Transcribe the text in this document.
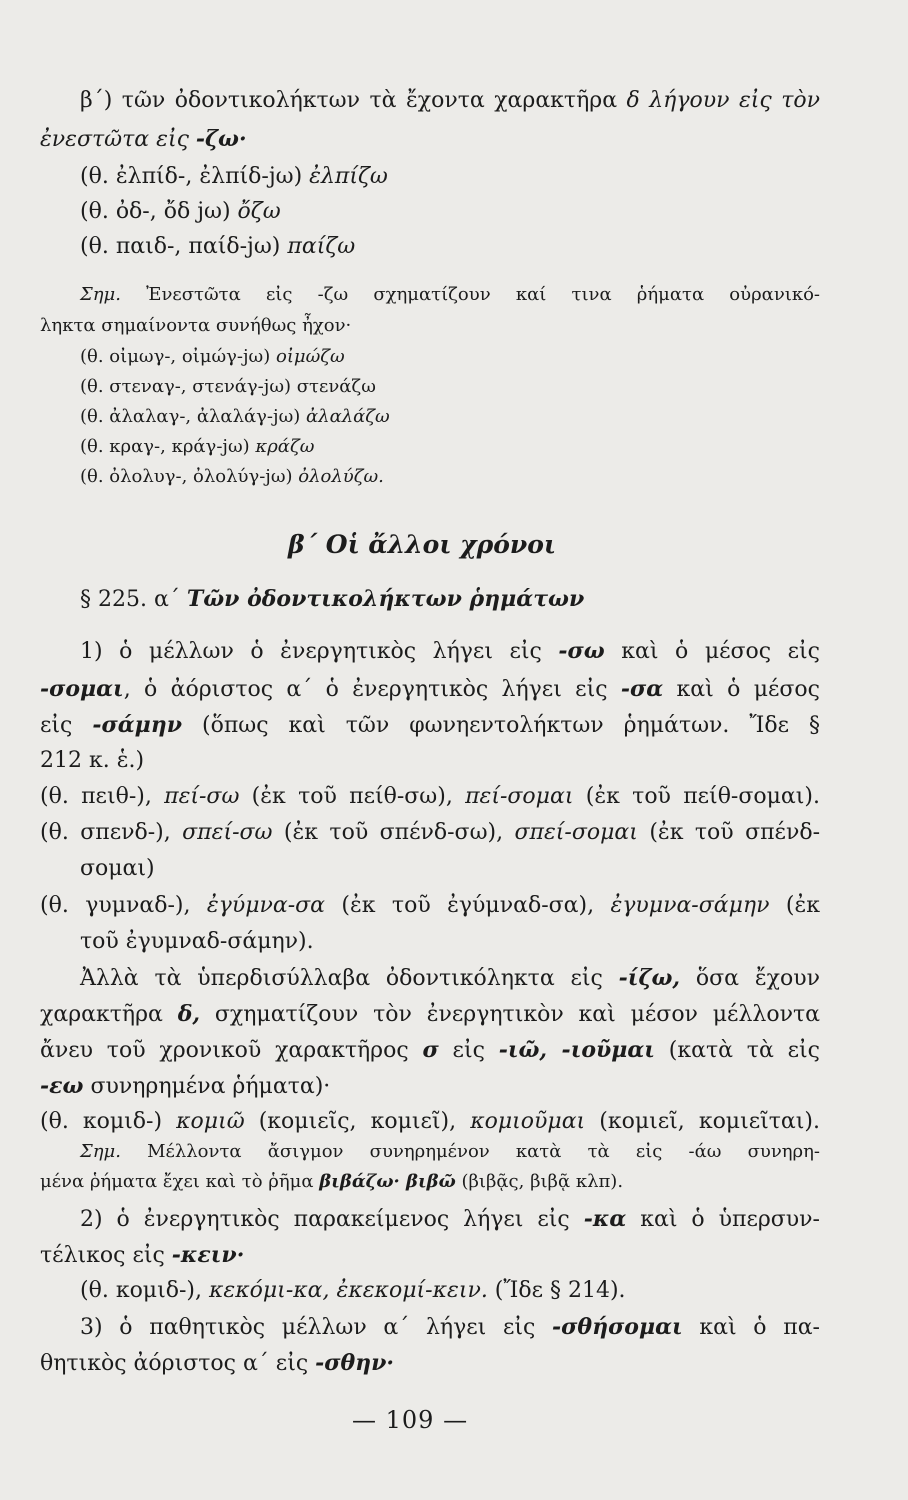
β΄) τῶν ὀδοντικολήκτων τὰ ἔχοντα χαρακτῆρα δ λήγουν εἰς τὸν
ἐνεστῶτα εἰς -ζω·
(θ. ἐλπίδ-, ἐλπίδ-jω) ἐλπίζω
(θ. ὀδ-, ὄδ jω) ὄζω
(θ. παιδ-, παίδ-jω) παίζω
Σημ. Ἐνεστῶτα εἰς -ζω σχηματίζουν καί τινα ῥήματα οὐρανικό-
ληκτα σημαίνοντα συνήθως ἦχον·
(θ. οἰμωγ-, οἰμώγ-jω) οἰμώζω
(θ. στεναγ-, στενάγ-jω) στενάζω
(θ. ἀλαλαγ-, ἀλαλάγ-jω) ἀλαλάζω
(θ. κραγ-, κράγ-jω) κράζω
(θ. ὀλολυγ-, ὀλολύγ-jω) ὀλολύζω.
β΄ Οἱ ἄλλοι χρόνοι
§ 225. α΄ Τῶν ὀδοντικολήκτων ῥημάτων
1) ὁ μέλλων ὁ ἐνεργητικὸς λήγει εἰς -σω καὶ ὁ μέσος εἰς
-σομαι, ὁ ἀόριστος α΄ ὁ ἐνεργητικὸς λήγει εἰς -σα καὶ ὁ μέσος
εἰς -σάμην (ὅπως καὶ τῶν φωνηεντολήκτων ῥημάτων. Ἴδε §
212 κ. ἑ.)
(θ. πειθ-), πεί-σω (ἐκ τοῦ πείθ-σω), πεί-σομαι (ἐκ τοῦ πείθ-σομαι).
(θ. σπενδ-), σπεί-σω (ἐκ τοῦ σπένδ-σω), σπεί-σομαι (ἐκ τοῦ σπένδ-
σομαι)
(θ. γυμναδ-), ἐγύμνα-σα (ἐκ τοῦ ἐγύμναδ-σα), ἐγυμνα-σάμην (ἐκ
τοῦ ἐγυμναδ-σάμην).
Ἀλλὰ τὰ ὑπερδισύλλαβα ὀδοντικόληκτα εἰς -ίζω, ὅσα ἔχουν
χαρακτῆρα δ, σχηματίζουν τὸν ἐνεργητικὸν καὶ μέσον μέλλοντα
ἄνευ τοῦ χρονικοῦ χαρακτῆρος σ εἰς -ιῶ, -ιοῦμαι (κατὰ τὰ εἰς
-εω συνηρημένα ῥήματα)·
(θ. κομιδ-) κομιῶ (κομιεῖς, κομιεῖ), κομιοῦμαι (κομιεῖ, κομιεῖται).
Σημ. Μέλλοντα ἄσιγμον συνηρημένον κατὰ τὰ εἰς -άω συνηρη-
μένα ῥήματα ἔχει καὶ τὸ ῥῆμα βιβάζω· βιβῶ (βιβᾷς, βιβᾷ κλπ).
2) ὁ ἐνεργητικὸς παρακείμενος λήγει εἰς -κα καὶ ὁ ὑπερσυν-
τέλικος εἰς -κειν·
(θ. κομιδ-), κεκόμι-κα, ἐκεκομί-κειν. (Ἴδε § 214).
3) ὁ παθητικὸς μέλλων α΄ λήγει εἰς -σθήσομαι καὶ ὁ πα-
θητικὸς ἀόριστος α΄ εἰς -σθην·
— 109 —
